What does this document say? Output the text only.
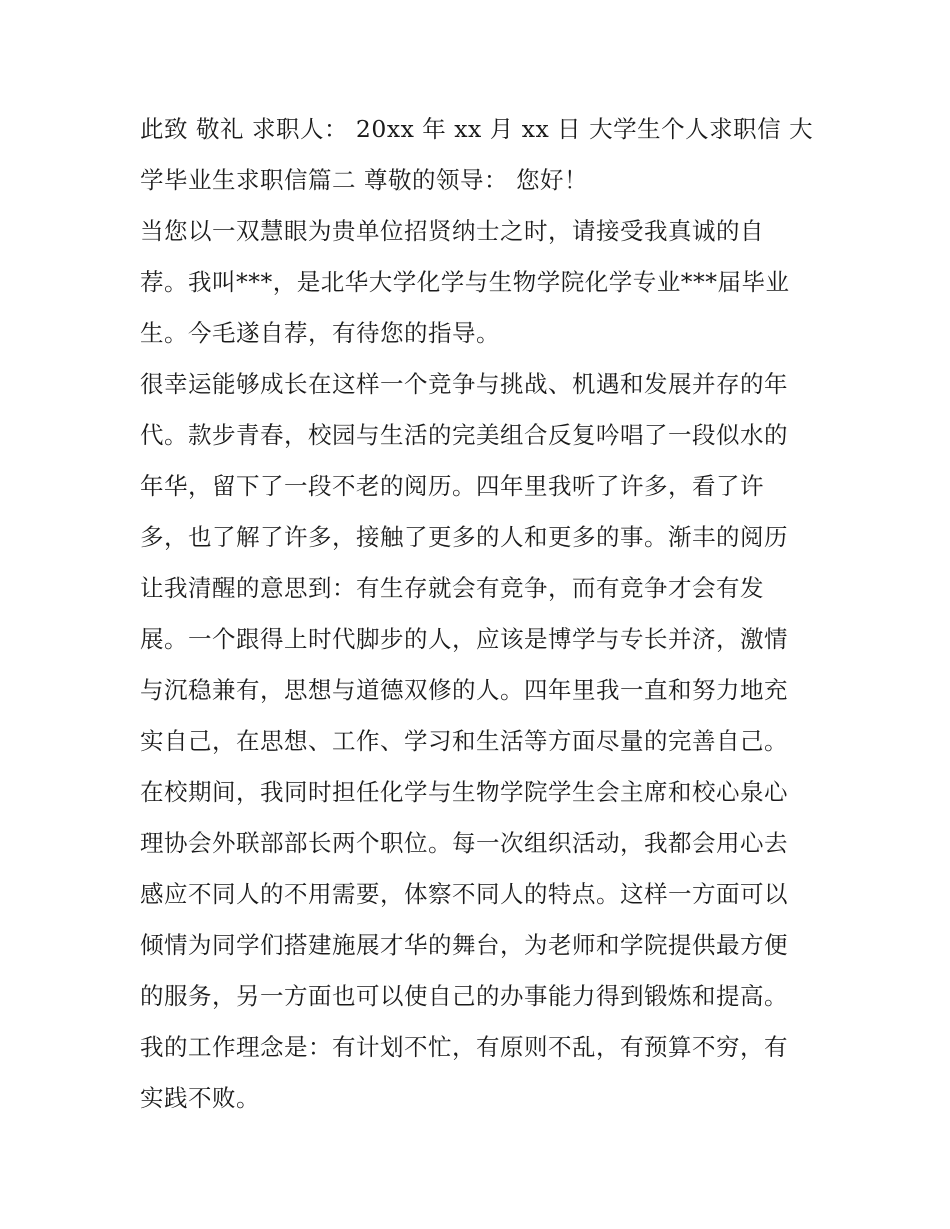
此致 敬礼 求职人： 20xx 年 xx 月 xx 日 大学生个人求职信 大
学毕业生求职信篇二 尊敬的领导： 您好！
当您以一双慧眼为贵单位招贤纳士之时，请接受我真诚的自
荐。我叫***，是北华大学化学与生物学院化学专业***届毕业
生。今毛遂自荐，有待您的指导。
很幸运能够成长在这样一个竞争与挑战、机遇和发展并存的年
代。款步青春，校园与生活的完美组合反复吟唱了一段似水的
年华，留下了一段不老的阅历。四年里我听了许多，看了许
多，也了解了许多，接触了更多的人和更多的事。渐丰的阅历
让我清醒的意思到：有生存就会有竞争，而有竞争才会有发
展。一个跟得上时代脚步的人，应该是博学与专长并济，激情
与沉稳兼有，思想与道德双修的人。四年里我一直和努力地充
实自己，在思想、工作、学习和生活等方面尽量的完善自己。
在校期间，我同时担任化学与生物学院学生会主席和校心泉心
理协会外联部部长两个职位。每一次组织活动，我都会用心去
感应不同人的不用需要，体察不同人的特点。这样一方面可以
倾情为同学们搭建施展才华的舞台，为老师和学院提供最方便
的服务，另一方面也可以使自己的办事能力得到锻炼和提高。
我的工作理念是：有计划不忙，有原则不乱，有预算不穷，有
实践不败。
